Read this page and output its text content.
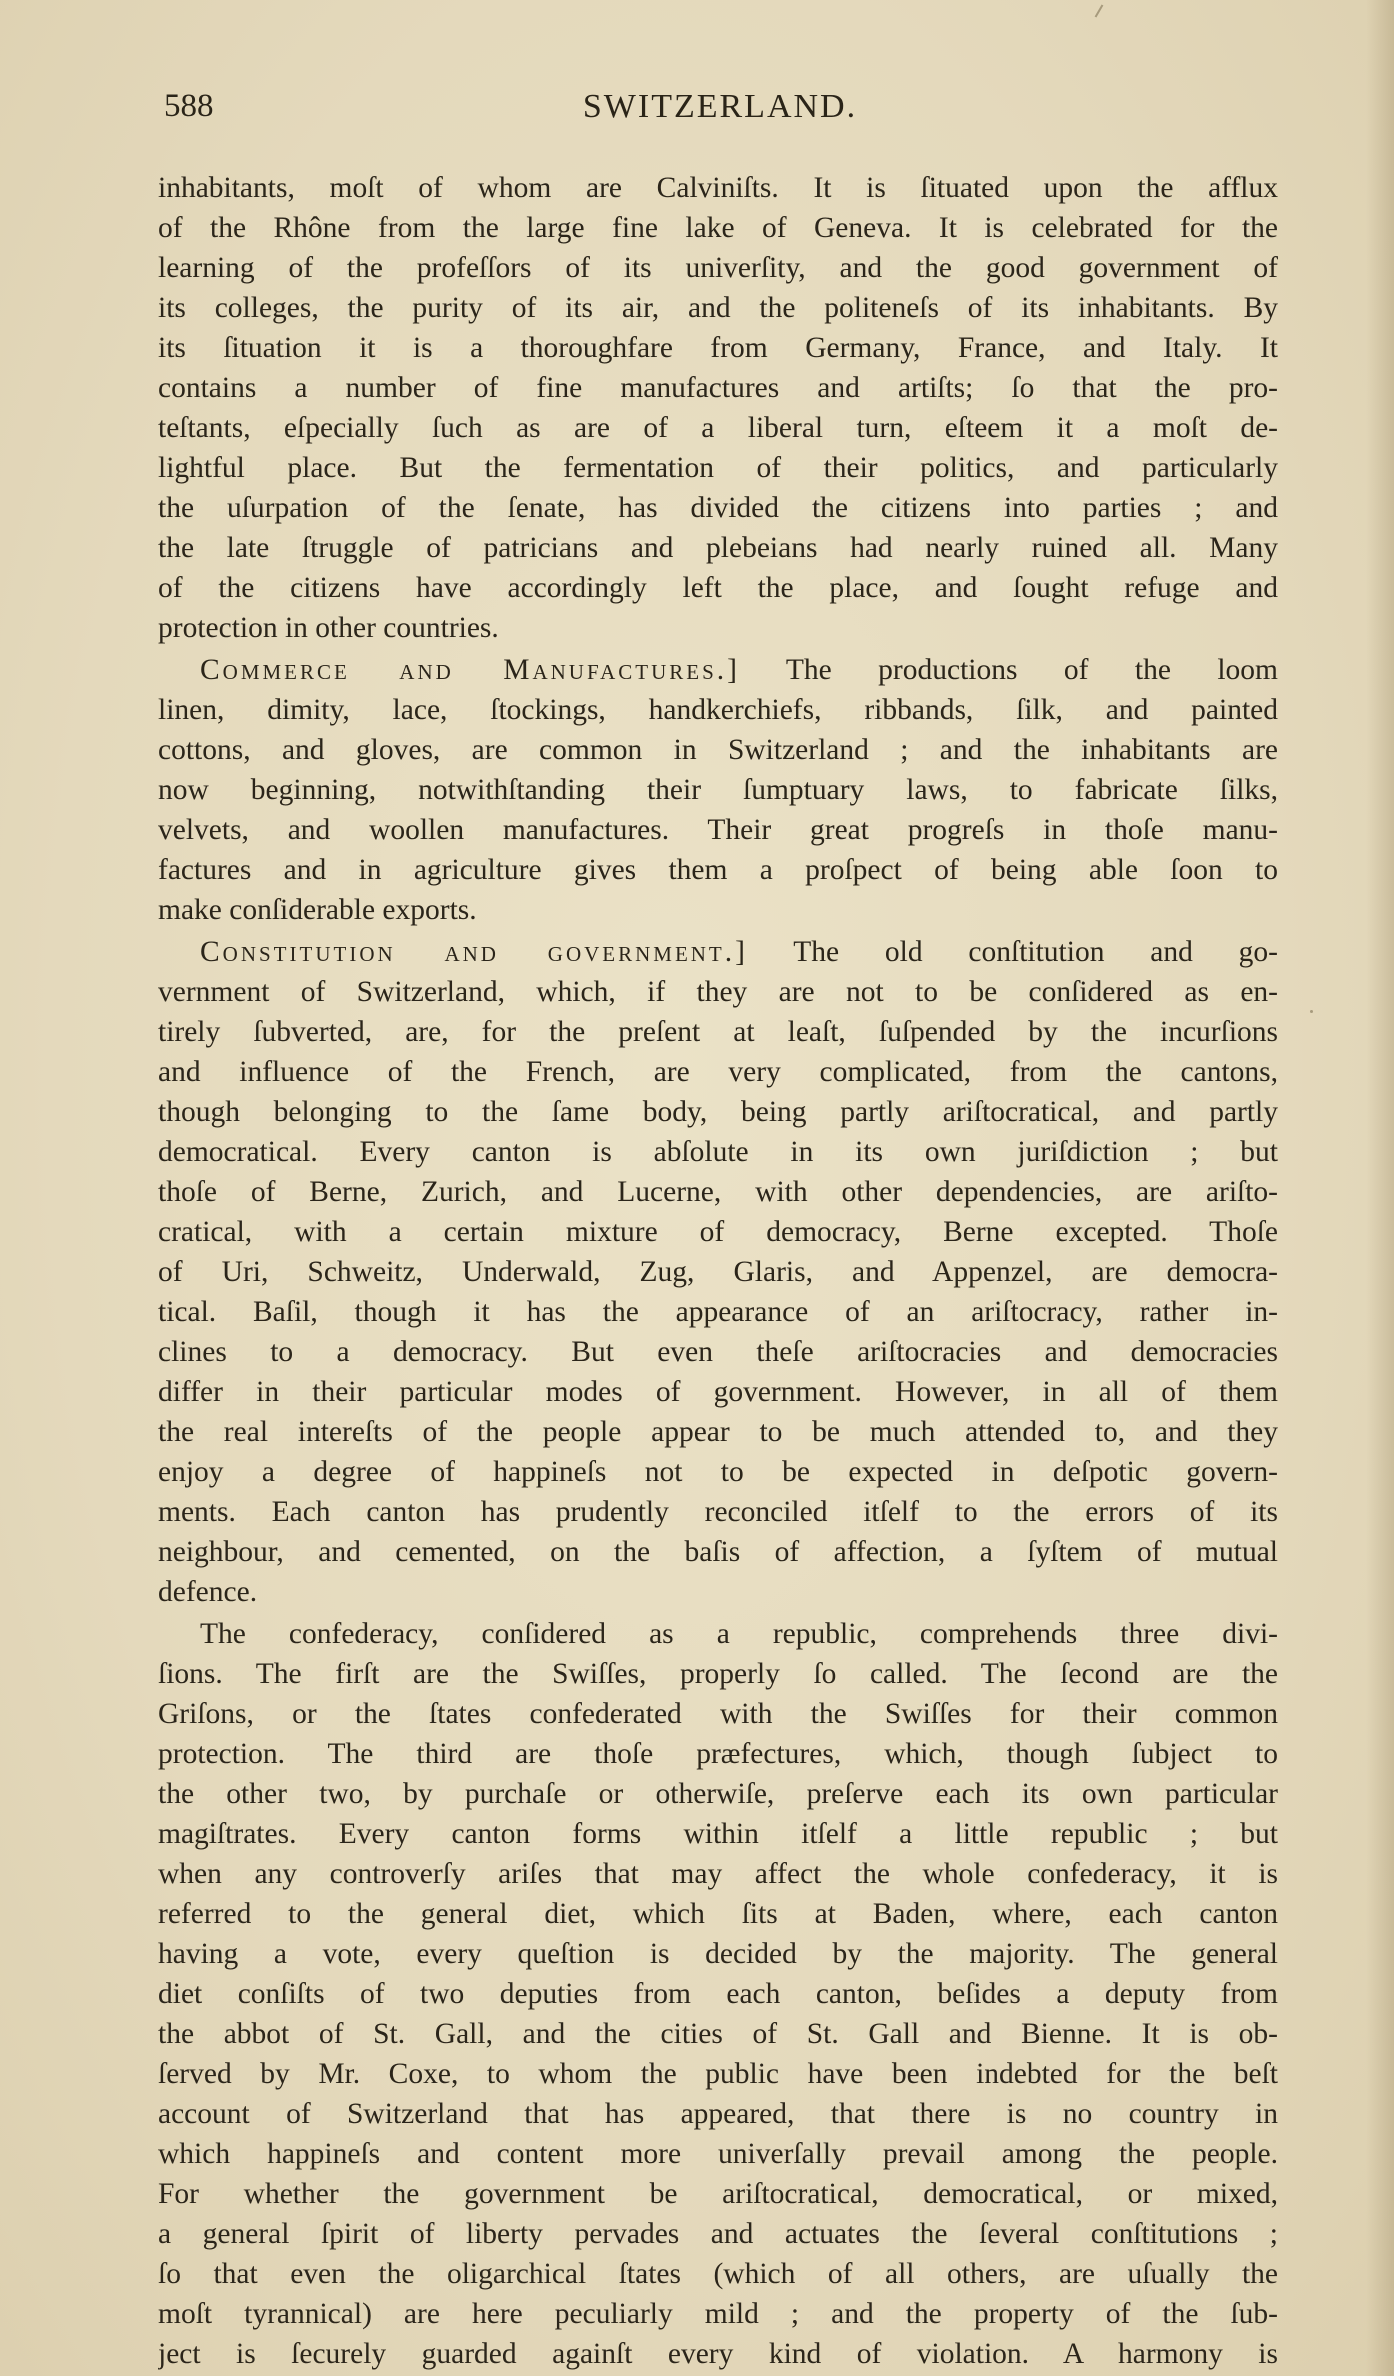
588	SWITZERLAND.
inhabitants, moſt of whom are Calviniſts. It is ſituated upon the afflux
of the Rhône from the large fine lake of Geneva. It is celebrated for the
learning of the profeſſors of its univerſity, and the good government of
its colleges, the purity of its air, and the politeneſs of its inhabitants. By
its ſituation it is a thoroughfare from Germany, France, and Italy. It
contains a number of fine manufactures and artiſts; ſo that the pro-
teſtants, eſpecially ſuch as are of a liberal turn, eſteem it a moſt de-
lightful place. But the fermentation of their politics, and particularly
the uſurpation of the ſenate, has divided the citizens into parties ; and
the late ſtruggle of patricians and plebeians had nearly ruined all. Many
of the citizens have accordingly left the place, and ſought refuge and
protection in other countries.
Commerce and Manufactures.] The productions of the loom
linen, dimity, lace, ſtockings, handkerchiefs, ribbands, ſilk, and painted
cottons, and gloves, are common in Switzerland ; and the inhabitants are
now beginning, notwithſtanding their ſumptuary laws, to fabricate ſilks,
velvets, and woollen manufactures. Their great progreſs in thoſe manu-
factures and in agriculture gives them a proſpect of being able ſoon to
make conſiderable exports.
Constitution and government.] The old conſtitution and go-
vernment of Switzerland, which, if they are not to be conſidered as en-
tirely ſubverted, are, for the preſent at leaſt, ſuſpended by the incurſions
and influence of the French, are very complicated, from the cantons,
though belonging to the ſame body, being partly ariſtocratical, and partly
democratical. Every canton is abſolute in its own juriſdiction ; but
thoſe of Berne, Zurich, and Lucerne, with other dependencies, are ariſto-
cratical, with a certain mixture of democracy, Berne excepted. Thoſe
of Uri, Schweitz, Underwald, Zug, Glaris, and Appenzel, are democra-
tical. Baſil, though it has the appearance of an ariſtocracy, rather in-
clines to a democracy. But even theſe ariſtocracies and democracies
differ in their particular modes of government. However, in all of them
the real intereſts of the people appear to be much attended to, and they
enjoy a degree of happineſs not to be expected in deſpotic govern-
ments. Each canton has prudently reconciled itſelf to the errors of its
neighbour, and cemented, on the baſis of affection, a ſyſtem of mutual
defence.
The confederacy, conſidered as a republic, comprehends three divi-
ſions. The firſt are the Swiſſes, properly ſo called. The ſecond are the
Griſons, or the ſtates confederated with the Swiſſes for their common
protection. The third are thoſe præfectures, which, though ſubject to
the other two, by purchaſe or otherwiſe, preſerve each its own particular
magiſtrates. Every canton forms within itſelf a little republic ; but
when any controverſy ariſes that may affect the whole confederacy, it is
referred to the general diet, which ſits at Baden, where, each canton
having a vote, every queſtion is decided by the majority. The general
diet conſiſts of two deputies from each canton, beſides a deputy from
the abbot of St. Gall, and the cities of St. Gall and Bienne. It is ob-
ſerved by Mr. Coxe, to whom the public have been indebted for the beſt
account of Switzerland that has appeared, that there is no country in
which happineſs and content more univerſally prevail among the people.
For whether the government be ariſtocratical, democratical, or mixed,
a general ſpirit of liberty pervades and actuates the ſeveral conſtitutions ;
ſo that even the oligarchical ſtates (which of all others, are uſually the
moſt tyrannical) are here peculiarly mild ; and the property of the ſub-
ject is ſecurely guarded againſt every kind of violation. A harmony is
